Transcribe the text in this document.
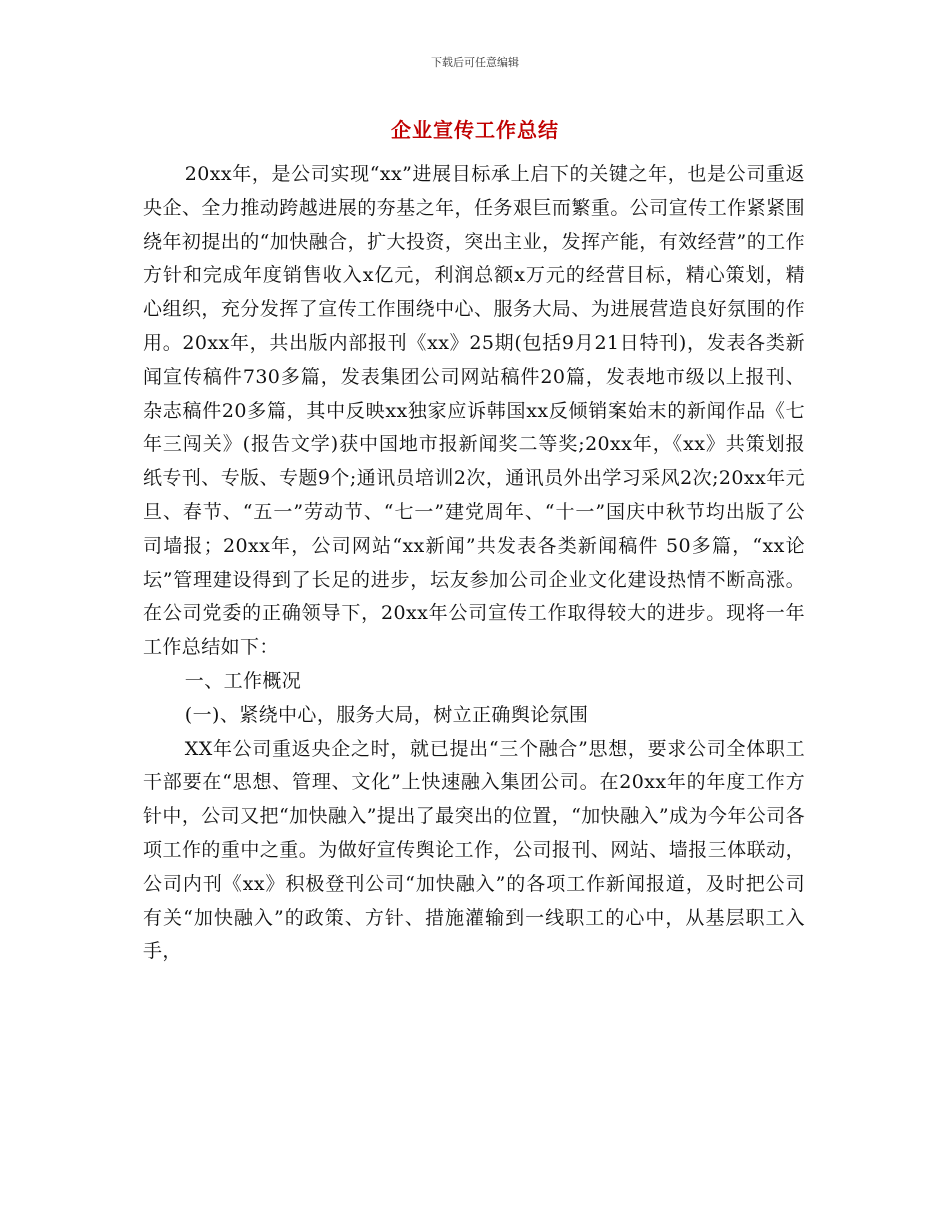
下载后可任意编辑
企业宣传工作总结

20xx年，是公司实现“xx”进展目标承上启下的关键之年，也是公司重返央企、全力推动跨越进展的夯基之年，任务艰巨而繁重。公司宣传工作紧紧围绕年初提出的“加快融合，扩大投资，突出主业，发挥产能，有效经营”的工作方针和完成年度销售收入x亿元，利润总额x万元的经营目标，精心策划，精心组织，充分发挥了宣传工作围绕中心、服务大局、为进展营造良好氛围的作用。20xx年，共出版内部报刊《xx》25期(包括9月21日特刊)，发表各类新闻宣传稿件730多篇，发表集团公司网站稿件20篇，发表地市级以上报刊、杂志稿件20多篇，其中反映xx独家应诉韩国xx反倾销案始末的新闻作品《七年三闯关》(报告文学)获中国地市报新闻奖二等奖;20xx年，《xx》共策划报纸专刊、专版、专题9个;通讯员培训2次，通讯员外出学习采风2次;20xx年元旦、春节、“五一”劳动节、“七一”建党周年、“十一”国庆中秋节均出版了公司墙报；20xx年，公司网站“xx新闻”共发表各类新闻稿件 50多篇，“xx论坛”管理建设得到了长足的进步，坛友参加公司企业文化建设热情不断高涨。在公司党委的正确领导下，20xx年公司宣传工作取得较大的进步。现将一年工作总结如下：

一、工作概况

(一)、紧绕中心，服务大局，树立正确舆论氛围

XX年公司重返央企之时，就已提出“三个融合”思想，要求公司全体职工干部要在“思想、管理、文化”上快速融入集团公司。在20xx年的年度工作方针中，公司又把“加快融入”提出了最突出的位置，“加快融入”成为今年公司各项工作的重中之重。为做好宣传舆论工作，公司报刊、网站、墙报三体联动，公司内刊《xx》积极登刊公司“加快融入”的各项工作新闻报道，及时把公司有关“加快融入”的政策、方针、措施灌输到一线职工的心中，从基层职工入手，
